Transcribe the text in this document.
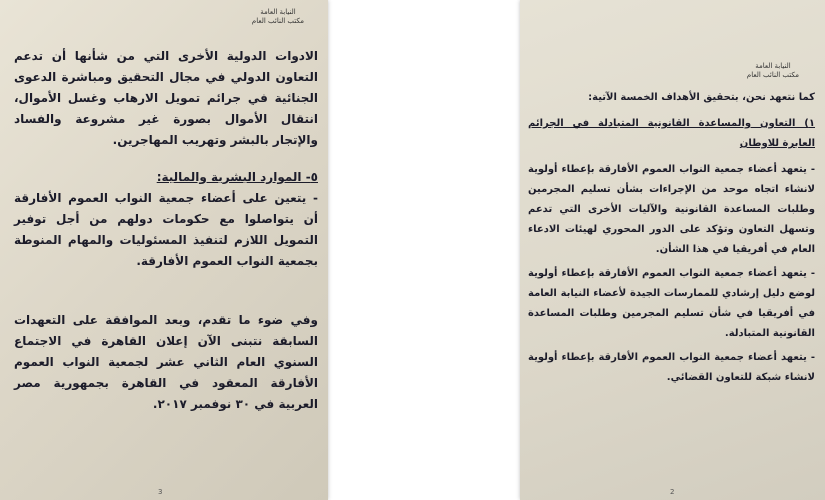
النيابة العامة
مكتب النائب العام

الادوات الدولية الأخرى التي من شأنها أن تدعم التعاون الدولي في مجال التحقيق ومباشرة الدعوى الجنائية في جرائم تمويل الارهاب وغسل الأموال، انتقال الأموال بصورة غير مشروعة والفساد والإتجار بالبشر وتهريب المهاجرين.

٥- الموارد البشرية والمالية:

- يتعين على أعضاء جمعية النواب العموم الأفارقة أن يتواصلوا مع حكومات دولهم من أجل توفير التمويل اللازم لتنفيذ المسئوليات والمهام المنوطة بجمعية النواب العموم الأفارقة.

وفي ضوء ما تقدم، وبعد الموافقة على التعهدات السابقة نتبنى الآن إعلان القاهرة في الاجتماع السنوي العام الثاني عشر لجمعية النواب العموم الأفارقة المعقود في القاهرة بجمهورية مصر العربية في ٣٠ نوفمبر ٢٠١٧.

3
النيابة العامة
مكتب النائب العام

كما نتعهد نحن، بتحقيق الأهداف الخمسة الآتية:

١) التعاون والمساعدة القانونية المتبادلة في الجرائم العابرة للاوطان

- يتعهد أعضاء جمعية النواب العموم الأفارقة بإعطاء أولوية لانشاء اتجاه موحد من الإجراءات بشأن تسليم المجرمين وطلبات المساعدة القانونية والآليات الأخرى التي تدعم وتسهل التعاون وتؤكد على الدور المحوري لهيئات الادعاء العام في أفريقيا في هذا الشأن.

- يتعهد أعضاء جمعية النواب العموم الأفارقة بإعطاء أولوية لوضع دليل إرشادي للممارسات الجيدة لأعضاء النيابة العامة في أفريقيا في شأن تسليم المجرمين وطلبات المساعدة القانونية المتبادلة.

- يتعهد أعضاء جمعية النواب العموم الأفارقة بإعطاء أولوية لانشاء شبكة للتعاون القضائي.

2
